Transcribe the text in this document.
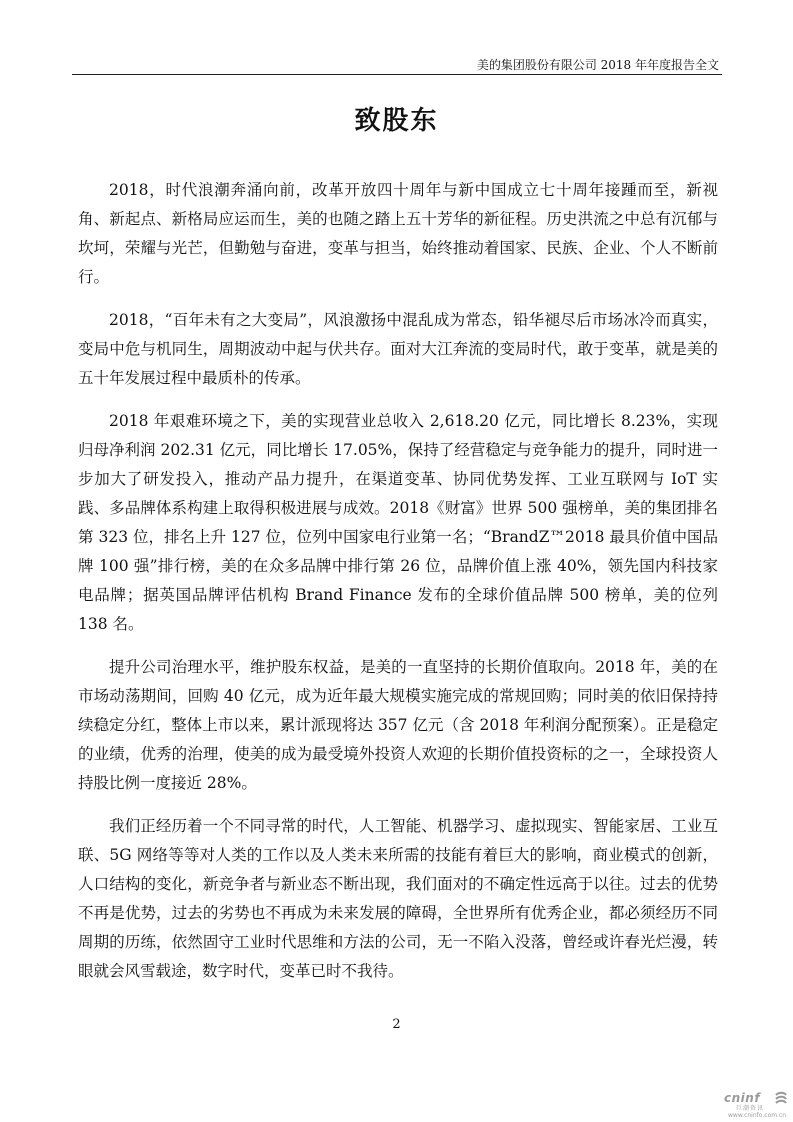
美的集团股份有限公司 2018 年年度报告全文
致股东

2018，时代浪潮奔涌向前，改革开放四十周年与新中国成立七十周年接踵而至，新视角、新起点、新格局应运而生，美的也随之踏上五十芳华的新征程。历史洪流之中总有沉郁与坎坷，荣耀与光芒，但勤勉与奋进，变革与担当，始终推动着国家、民族、企业、个人不断前行。

2018，“百年未有之大变局”，风浪激扬中混乱成为常态，铅华褪尽后市场冰冷而真实，变局中危与机同生，周期波动中起与伏共存。面对大江奔流的变局时代，敢于变革，就是美的五十年发展过程中最质朴的传承。

2018 年艰难环境之下，美的实现营业总收入 2,618.20 亿元，同比增长 8.23%，实现归母净利润 202.31 亿元，同比增长 17.05%，保持了经营稳定与竞争能力的提升，同时进一步加大了研发投入，推动产品力提升，在渠道变革、协同优势发挥、工业互联网与 IoT 实践、多品牌体系构建上取得积极进展与成效。2018《财富》世界 500 强榜单，美的集团排名第 323 位，排名上升 127 位，位列中国家电行业第一名；“BrandZ™2018 最具价值中国品牌 100 强”排行榜，美的在众多品牌中排行第 26 位，品牌价值上涨 40%，领先国内科技家电品牌；据英国品牌评估机构 Brand Finance 发布的全球价值品牌 500 榜单，美的位列 138 名。

提升公司治理水平，维护股东权益，是美的一直坚持的长期价值取向。2018 年，美的在市场动荡期间，回购 40 亿元，成为近年最大规模实施完成的常规回购；同时美的依旧保持持续稳定分红，整体上市以来，累计派现将达 357 亿元（含 2018 年利润分配预案）。正是稳定的业绩，优秀的治理，使美的成为最受境外投资人欢迎的长期价值投资标的之一，全球投资人持股比例一度接近 28%。

我们正经历着一个不同寻常的时代，人工智能、机器学习、虚拟现实、智能家居、工业互联、5G 网络等等对人类的工作以及人类未来所需的技能有着巨大的影响，商业模式的创新，人口结构的变化，新竞争者与新业态不断出现，我们面对的不确定性远高于以往。过去的优势不再是优势，过去的劣势也不再成为未来发展的障碍，全世界所有优秀企业，都必须经历不同周期的历练，依然固守工业时代思维和方法的公司，无一不陷入没落，曾经或许春光烂漫，转眼就会风雪载途，数字时代，变革已时不我待。

2
cninf
巨潮资讯
www.cninfo.com.cn
